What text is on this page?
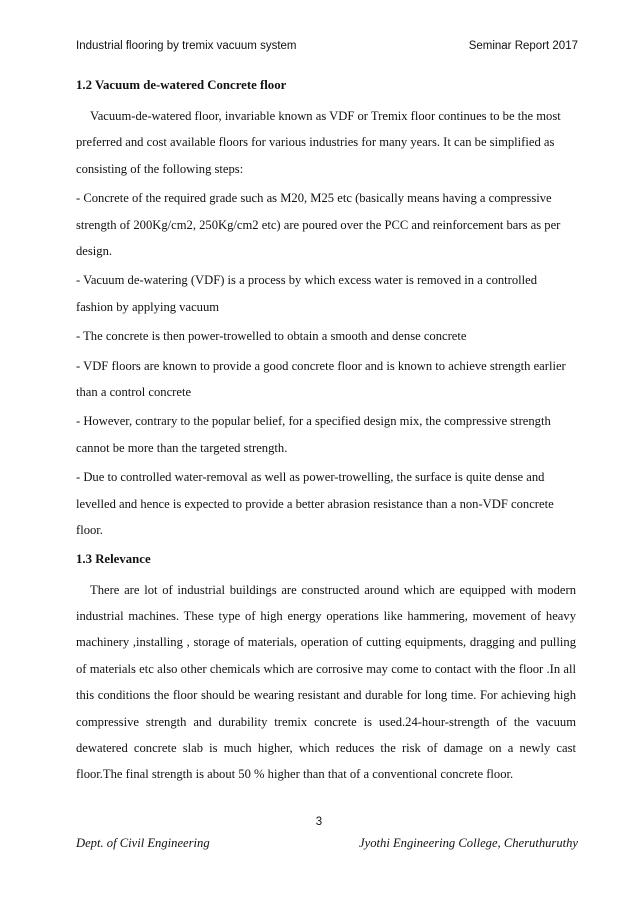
Industrial flooring by tremix vacuum system	Seminar Report 2017
1.2 Vacuum de-watered Concrete floor

Vacuum-de-watered floor, invariable known as VDF or Tremix floor continues to be the most preferred and cost available floors for various industries for many years. It can be simplified as consisting of the following steps:

- Concrete of the required grade such as M20, M25 etc (basically means having a compressive strength of 200Kg/cm2, 250Kg/cm2 etc) are poured over the PCC and reinforcement bars as per design.

- Vacuum de-watering (VDF) is a process by which excess water is removed in a controlled fashion by applying vacuum

- The concrete is then power-trowelled to obtain a smooth and dense concrete

- VDF floors are known to provide a good concrete floor and is known to achieve strength earlier than a control concrete

- However, contrary to the popular belief, for a specified design mix, the compressive strength cannot be more than the targeted strength.

- Due to controlled water-removal as well as power-trowelling, the surface is quite dense and levelled and hence is expected to provide a better abrasion resistance than a non-VDF concrete floor.

1.3 Relevance

There are lot of industrial buildings are constructed around which are equipped with modern industrial machines. These type of high energy operations like hammering, movement of heavy machinery ,installing , storage of materials, operation of cutting equipments, dragging and pulling of materials etc also other chemicals which are corrosive may come to contact with the floor .In all this conditions the floor should be wearing resistant and durable for long time. For achieving high compressive strength and durability tremix concrete is used.24-hour-strength of the vacuum dewatered concrete slab is much higher, which reduces the risk of damage on a newly cast floor.The final strength is about 50 % higher than that of a conventional concrete floor.

3
Dept. of Civil Engineering	Jyothi Engineering College, Cheruthuruthy
